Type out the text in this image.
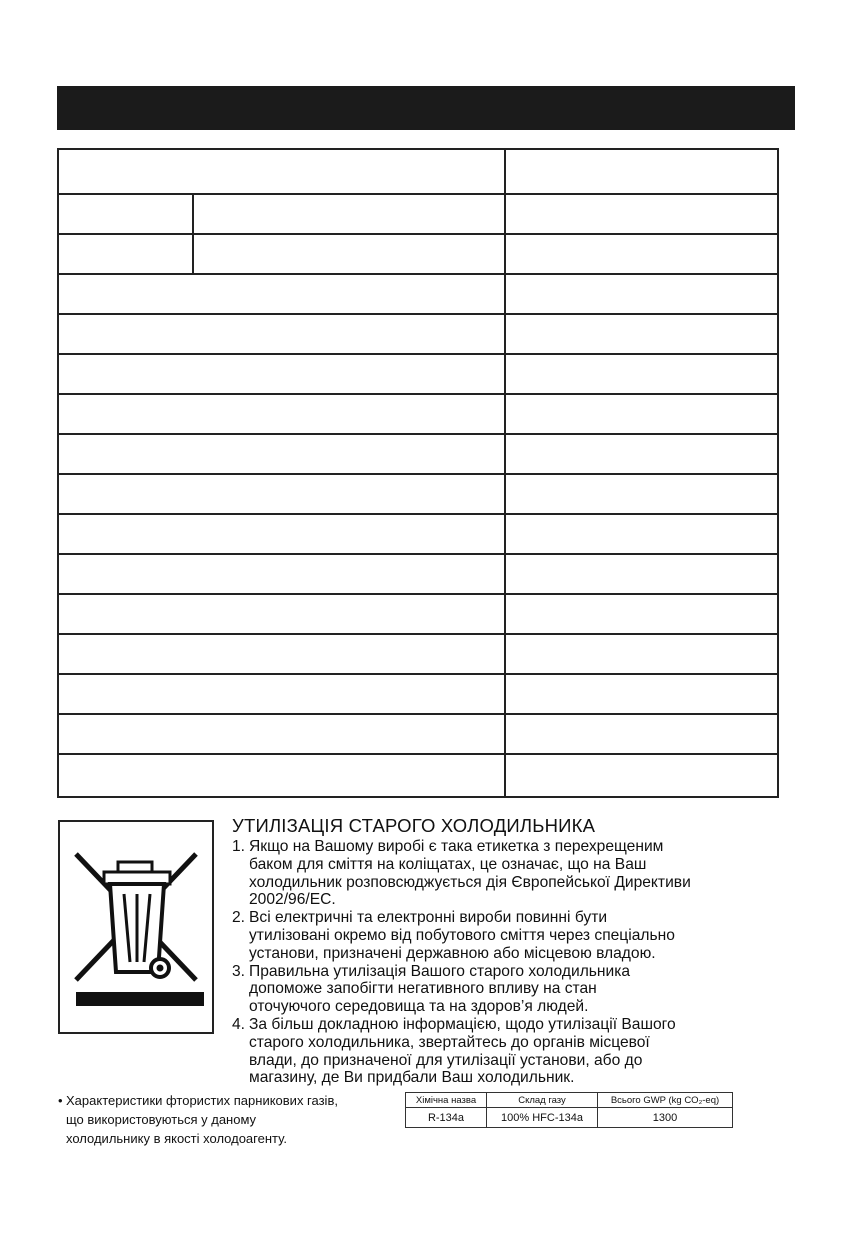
УТИЛІЗАЦІЯ СТАРОГО ХОЛОДИЛЬНИКА
1. Якщо на Вашому виробі є така етикетка з перехрещеним
баком для сміття на коліщатах, це означає, що на Ваш
холодильник розповсюджується дія Європейської Директиви
2002/96/EC.
2. Всі електричні та електронні вироби повинні бути
утилізовані окремо від побутового сміття через спеціально
установи, призначені державною або місцевою владою.
3. Правильна утилізація Вашого старого холодильника
допоможе запобігти негативного впливу на стан
оточуючого середовища та на здоров’я людей.
4. За більш докладною інформацією, щодо утилізації Вашого
старого холодильника, звертайтесь до органів місцевої
влади, до призначеної для утилізації установи, або до
магазину, де Ви придбали Ваш холодильник.
• Характеристики фтористих парникових газів,
що використовуються у даному
холодильнику в якості холодоагенту.
Хімічна назва	Склад газу	Всього GWP (kg CO₂-eq)
R-134a	100% HFC-134a	1300
